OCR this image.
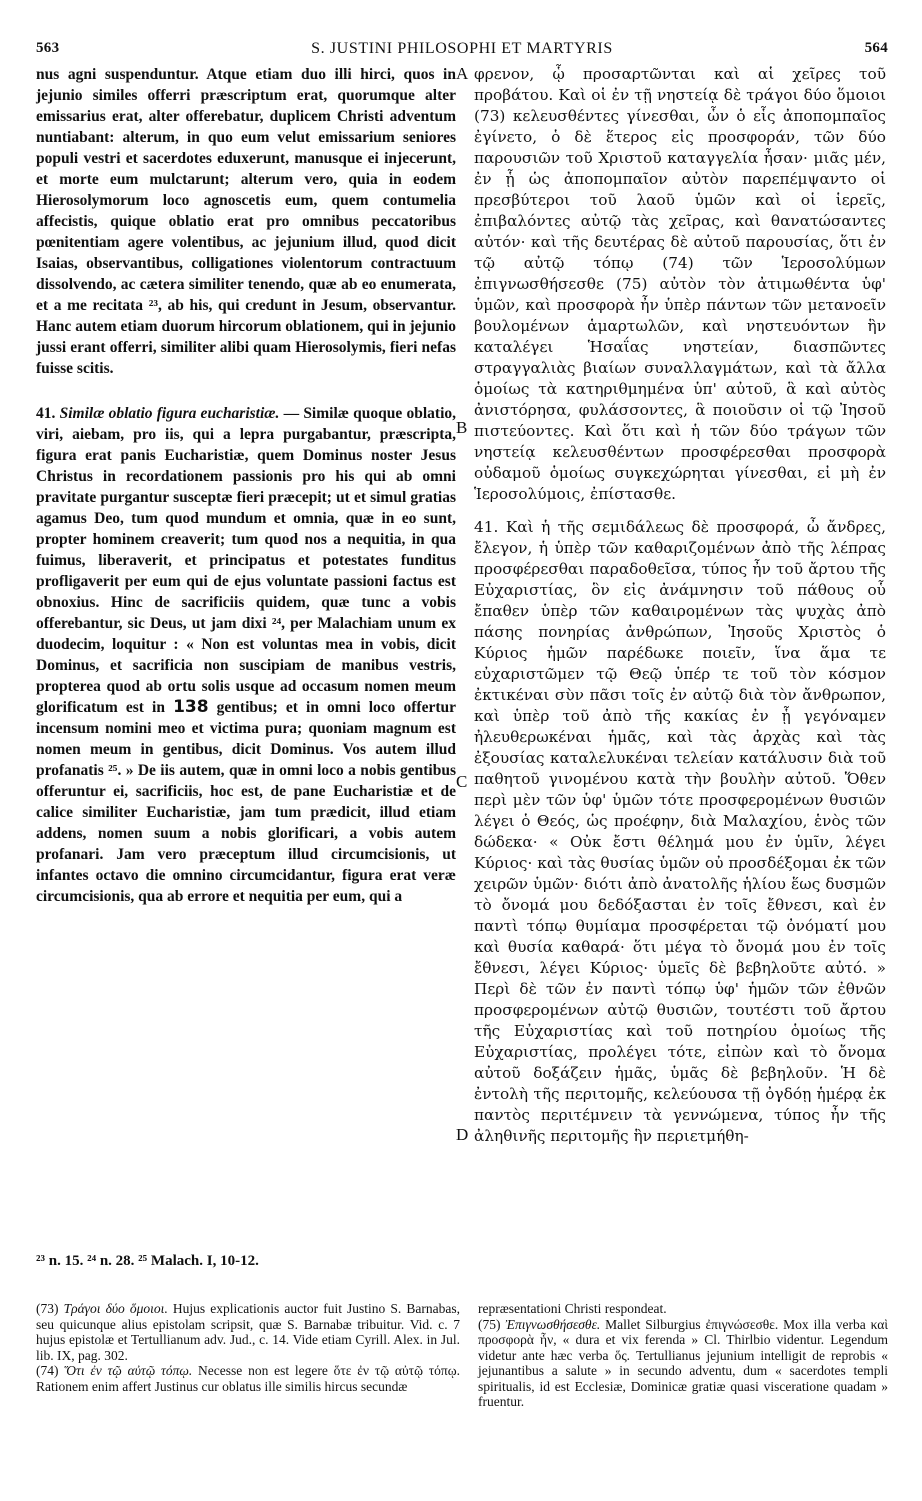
563	S. JUSTINI PHILOSOPHI ET MARTYRIS	564

nus agni suspenduntur. Atque etiam duo illi hirci, quos in jejunio similes offerri præscriptum erat, quorumque alter emissarius erat, alter offerebatur, duplicem Christi adventum nuntiabant: alterum, in quo eum velut emissarium seniores populi vestri et sacerdotes eduxerunt, manusque ei injecerunt, et morte eum mulctarunt; alterum vero, quia in eodem Hierosolymorum loco agnoscetis eum, quem contumelia affecistis, quique oblatio erat pro omnibus peccatoribus pœnitentiam agere volentibus, ac jejunium illud, quod dicit Isaias, observantibus, colligationes violentorum contractuum dissolvendo, ac cætera similiter tenendo, quæ ab eo enumerata, et a me recitata ²³, ab his, qui credunt in Jesum, observantur. Hanc autem etiam duorum hircorum oblationem, qui in jejunio jussi erant offerri, similiter alibi quam Hierosolymis, fieri nefas fuisse scitis.

41. Similæ oblatio figura eucharistiæ. — Similæ quoque oblatio, viri, aiebam, pro iis, qui a lepra purgabantur, præscripta, figura erat panis Eucharistiæ, quem Dominus noster Jesus Christus in recordationem passionis pro his qui ab omni pravitate purgantur susceptæ fieri præcepit; ut et simul gratias agamus Deo, tum quod mundum et omnia, quæ in eo sunt, propter hominem creaverit; tum quod nos a nequitia, in qua fuimus, liberaverit, et principatus et potestates funditus profligaverit per eum qui de ejus voluntate passioni factus est obnoxius. Hinc de sacrificiis quidem, quæ tunc a vobis offerebantur, sic Deus, ut jam dixi ²⁴, per Malachiam unum ex duodecim, loquitur : « Non est voluntas mea in vobis, dicit Dominus, et sacrificia non suscipiam de manibus vestris, propterea quod ab ortu solis usque ad occasum nomen meum glorificatum est in 138 gentibus; et in omni loco offertur incensum nomini meo et victima pura; quoniam magnum est nomen meum in gentibus, dicit Dominus. Vos autem illud profanatis ²⁵. » De iis autem, quæ in omni loco a nobis gentibus offeruntur ei, sacrificiis, hoc est, de pane Eucharistiæ et de calice similiter Eucharistiæ, jam tum prædicit, illud etiam addens, nomen suum a nobis glorificari, a vobis autem profanari. Jam vero præceptum illud circumcisionis, ut infantes octavo die omnino circumcidantur, figura erat veræ circumcisionis, qua ab errore et nequitia per eum, qui a

A
B
C
D

φρενον, ᾧ προσαρτῶνται καὶ αἱ χεῖρες τοῦ προβάτου. Καὶ οἱ ἐν τῇ νηστείᾳ δὲ τράγοι δύο ὅμοιοι (73) κελευσθέντες γίνεσθαι, ὧν ὁ εἷς ἀποπομπαῖος ἐγίνετο, ὁ δὲ ἕτερος εἰς προσφοράν, τῶν δύο παρουσιῶν τοῦ Χριστοῦ καταγγελία ἦσαν· μιᾶς μέν, ἐν ᾗ ὡς ἀποπομπαῖον αὐτὸν παρεπέμψαντο οἱ πρεσβύτεροι τοῦ λαοῦ ὑμῶν καὶ οἱ ἱερεῖς, ἐπιβαλόντες αὐτῷ τὰς χεῖρας, καὶ θανατώσαντες αὐτόν· καὶ τῆς δευτέρας δὲ αὐτοῦ παρουσίας, ὅτι ἐν τῷ αὐτῷ τόπῳ (74) τῶν Ἱεροσολύμων ἐπιγνωσθήσεσθε (75) αὐτὸν τὸν ἀτιμωθέντα ὑφ' ὑμῶν, καὶ προσφορὰ ἦν ὑπὲρ πάντων τῶν μετανοεῖν βουλομένων ἁμαρτωλῶν, καὶ νηστευόντων ἣν καταλέγει Ἡσαΐας νηστείαν, διασπῶντες στραγγαλιὰς βιαίων συναλλαγμάτων, καὶ τὰ ἄλλα ὁμοίως τὰ κατηριθμημένα ὑπ' αὐτοῦ, ἃ καὶ αὐτὸς ἀνιστόρησα, φυλάσσοντες, ἃ ποιοῦσιν οἱ τῷ Ἰησοῦ πιστεύοντες. Καὶ ὅτι καὶ ἡ τῶν δύο τράγων τῶν νηστείᾳ κελευσθέντων προσφέρεσθαι προσφορὰ οὐδαμοῦ ὁμοίως συγκεχώρηται γίνεσθαι, εἰ μὴ ἐν Ἱεροσολύμοις, ἐπίστασθε.

41. Καὶ ἡ τῆς σεμιδάλεως δὲ προσφορά, ὦ ἄνδρες, ἔλεγον, ἡ ὑπὲρ τῶν καθαριζομένων ἀπὸ τῆς λέπρας προσφέρεσθαι παραδοθεῖσα, τύπος ἦν τοῦ ἄρτου τῆς Εὐχαριστίας, ὃν εἰς ἀνάμνησιν τοῦ πάθους οὗ ἔπαθεν ὑπὲρ τῶν καθαιρομένων τὰς ψυχὰς ἀπὸ πάσης πονηρίας ἀνθρώπων, Ἰησοῦς Χριστὸς ὁ Κύριος ἡμῶν παρέδωκε ποιεῖν, ἵνα ἅμα τε εὐχαριστῶμεν τῷ Θεῷ ὑπέρ τε τοῦ τὸν κόσμον ἐκτικέναι σὺν πᾶσι τοῖς ἐν αὐτῷ διὰ τὸν ἄνθρωπον, καὶ ὑπὲρ τοῦ ἀπὸ τῆς κακίας ἐν ᾗ γεγόναμεν ἠλευθερωκέναι ἡμᾶς, καὶ τὰς ἀρχὰς καὶ τὰς ἐξουσίας καταλελυκέναι τελείαν κατάλυσιν διὰ τοῦ παθητοῦ γινομένου κατὰ τὴν βουλὴν αὐτοῦ. Ὅθεν περὶ μὲν τῶν ὑφ' ὑμῶν τότε προσφερομένων θυσιῶν λέγει ὁ Θεός, ὡς προέφην, διὰ Μαλαχίου, ἑνὸς τῶν δώδεκα· « Οὐκ ἔστι θέλημά μου ἐν ὑμῖν, λέγει Κύριος· καὶ τὰς θυσίας ὑμῶν οὐ προσδέξομαι ἐκ τῶν χειρῶν ὑμῶν· διότι ἀπὸ ἀνατολῆς ἡλίου ἕως δυσμῶν τὸ ὄνομά μου δεδόξασται ἐν τοῖς ἔθνεσι, καὶ ἐν παντὶ τόπῳ θυμίαμα προσφέρεται τῷ ὀνόματί μου καὶ θυσία καθαρά· ὅτι μέγα τὸ ὄνομά μου ἐν τοῖς ἔθνεσι, λέγει Κύριος· ὑμεῖς δὲ βεβηλοῦτε αὐτό. » Περὶ δὲ τῶν ἐν παντὶ τόπῳ ὑφ' ἡμῶν τῶν ἐθνῶν προσφερομένων αὐτῷ θυσιῶν, τουτέστι τοῦ ἄρτου τῆς Εὐχαριστίας καὶ τοῦ ποτηρίου ὁμοίως τῆς Εὐχαριστίας, προλέγει τότε, εἰπὼν καὶ τὸ ὄνομα αὐτοῦ δοξάζειν ἡμᾶς, ὑμᾶς δὲ βεβηλοῦν. Ἡ δὲ ἐντολὴ τῆς περιτομῆς, κελεύουσα τῇ ὀγδόῃ ἡμέρᾳ ἐκ παντὸς περιτέμνειν τὰ γεννώμενα, τύπος ἦν τῆς ἀληθινῆς περιτομῆς ἣν περιετμήθη-

²³ n. 15. ²⁴ n. 28. ²⁵ Malach. I, 10-12.

(73) Τράγοι δύο ὅμοιοι. Hujus explicationis auctor fuit Justino S. Barnabas, seu quicunque alius epistolam scripsit, quæ S. Barnabæ tribuitur. Vid. c. 7 hujus epistolæ et Tertullianum adv. Jud., c. 14. Vide etiam Cyrill. Alex. in Jul. lib. IX, pag. 302.

(74) Ὅτι ἐν τῷ αὐτῷ τόπῳ. Necesse non est legere ὅτε ἐν τῷ αὐτῷ τόπῳ. Rationem enim affert Justinus cur oblatus ille similis hircus secundæ

repræsentationi Christi respondeat.

(75) Ἐπιγνωσθήσεσθε. Mallet Silburgius ἐπιγνώσεσθε. Mox illa verba καὶ προσφορὰ ἦν, « dura et vix ferenda » Cl. Thirlbio videntur. Legendum videtur ante hæc verba ὅς. Tertullianus jejunium intelligit de reprobis « jejunantibus a salute » in secundo adventu, dum « sacerdotes templi spiritualis, id est Ecclesiæ, Dominicæ gratiæ quasi visceratione quadam » fruentur.
